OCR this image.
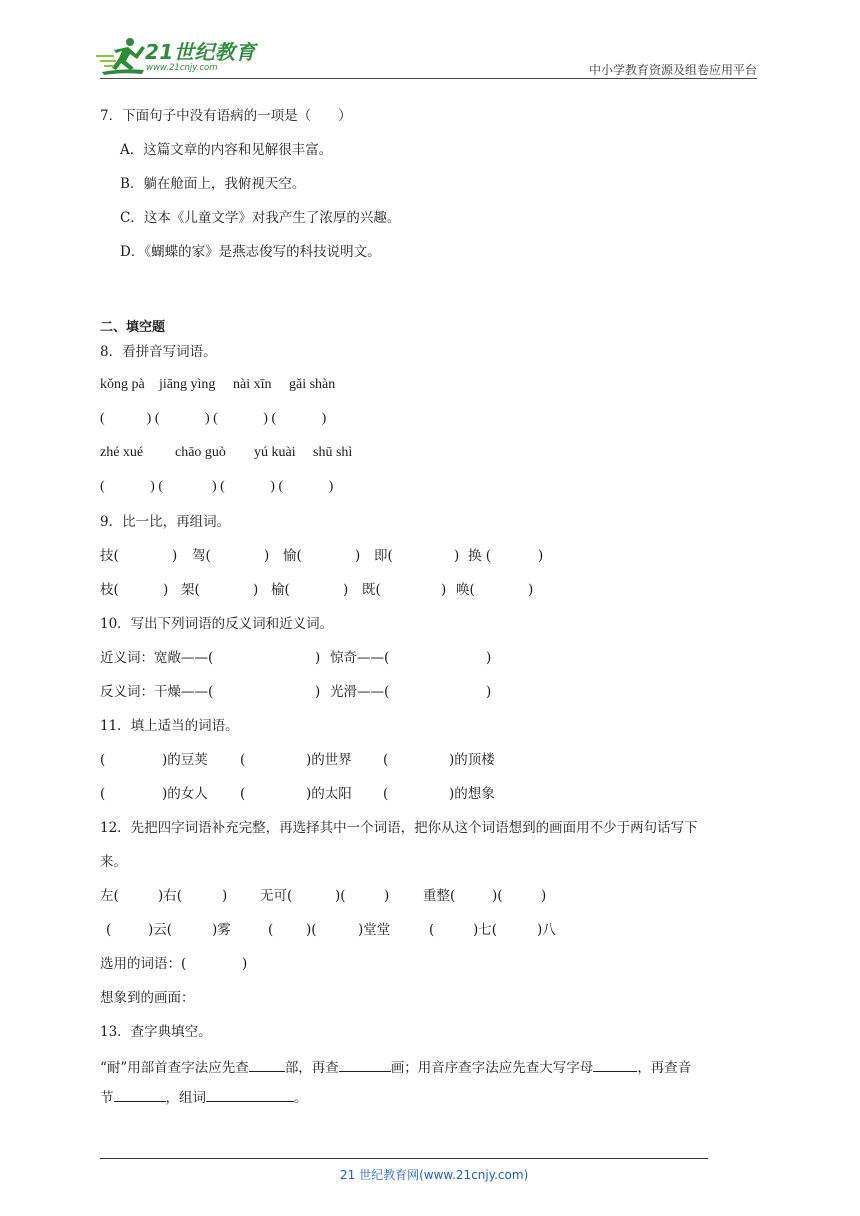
21世纪教育
www.21cnjy.com	中小学教育资源及组卷应用平台
7．下面句子中没有语病的一项是（　　）
A．这篇文章的内容和见解很丰富。
B．躺在舱面上，我俯视天空。
C．这本《儿童文学》对我产生了浓厚的兴趣。
D．《蝴蝶的家》是燕志俊写的科技说明文。
二、填空题
8．看拼音写词语。
kǒng pà jiāng yìng nài xīn gǎi shàn
(            ) (             ) (             ) (             )
zhé xué chāo guò yú kuài shū shì
(             ) (              ) (             ) (             )
9．比一比，再组词。
技(	) 驾(	) 愉(	) 即(	) 换 (	)
枝(	) 架(	) 榆(	) 既(	) 唤(	)
10．写出下列词语的反义词和近义词。
近义词：宽敞——(	) 惊奇——(	)
反义词：干燥——(	) 光滑——(	)
11．填上适当的词语。
(	)的豆荚 (	)的世界 (	)的顶楼
(	)的女人 (	)的太阳 (	)的想象
12．先把四字词语补充完整，再选择其中一个词语，把你从这个词语想到的画面用不少于两句话写下
来。
左(	)右(	) 无可(	)(	) 重整(	)(	)
(	)云(	)雾	( )(	)堂堂	(	)七(	)八
选用的词语：(	)
想象到的画面：
13．查字典填空。
“耐”用部首查字法应先查	部，再查	画；用音序查字法应先查大写字母	，再查音
节	，组词	。
21 世纪教育网(www.21cnjy.com)
